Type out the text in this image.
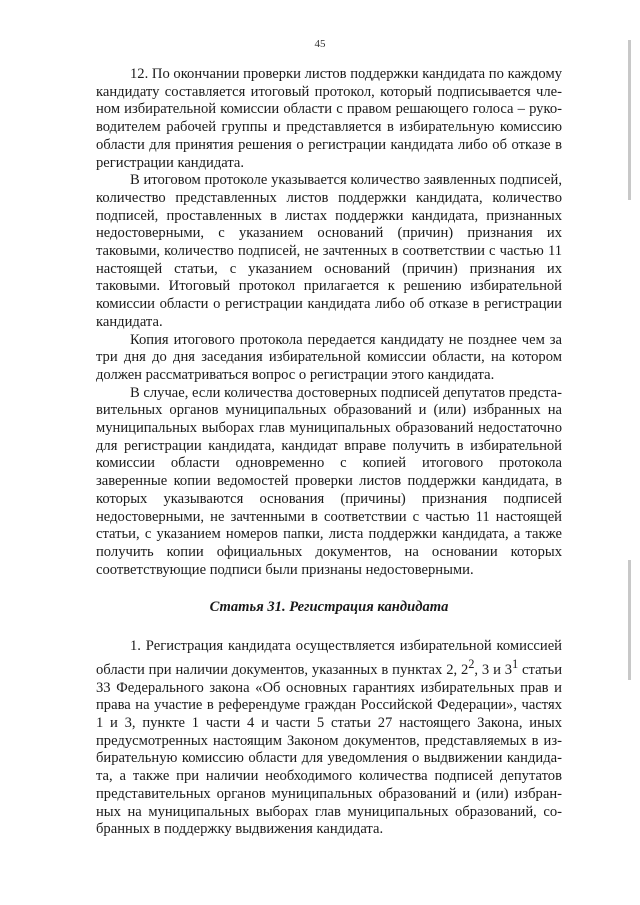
45

12. По окончании проверки листов поддержки кандидата по каждому кандидату составляется итоговый протокол, который подписывается членом избирательной комиссии области с правом решающего голоса – руководителем рабочей группы и представляется в избирательную комиссию области для принятия решения о регистрации кандидата либо об отказе в регистрации кандидата.

В итоговом протоколе указывается количество заявленных подписей, количество представленных листов поддержки кандидата, количество подписей, проставленных в листах поддержки кандидата, признанных недостоверными, с указанием оснований (причин) признания их таковыми, количество подписей, не зачтенных в соответствии с частью 11 настоящей статьи, с указанием оснований (причин) признания их таковыми. Итоговый протокол прилагается к решению избирательной комиссии области о регистрации кандидата либо об отказе в регистрации кандидата.

Копия итогового протокола передается кандидату не позднее чем за три дня до дня заседания избирательной комиссии области, на котором должен рассматриваться вопрос о регистрации этого кандидата.

В случае, если количества достоверных подписей депутатов представительных органов муниципальных образований и (или) избранных на муниципальных выборах глав муниципальных образований недостаточно для регистрации кандидата, кандидат вправе получить в избирательной комиссии области одновременно с копией итогового протокола заверенные копии ведомостей проверки листов поддержки кандидата, в которых указываются основания (причины) признания подписей недостоверными, не зачтенными в соответствии с частью 11 настоящей статьи, с указанием номеров папки, листа поддержки кандидата, а также получить копии официальных документов, на основании которых соответствующие подписи были признаны недостоверными.

Статья 31. Регистрация кандидата

1. Регистрация кандидата осуществляется избирательной комиссией области при наличии документов, указанных в пунктах 2, $2^2$, 3 и $3^1$ статьи 33 Федерального закона «Об основных гарантиях избирательных прав и права на участие в референдуме граждан Российской Федерации», частях 1 и 3, пункте 1 части 4 и части 5 статьи 27 настоящего Закона, иных предусмотренных настоящим Законом документов, представляемых в избирательную комиссию области для уведомления о выдвижении кандидата, а также при наличии необходимого количества подписей депутатов представительных органов муниципальных образований и (или) избранных на муниципальных выборах глав муниципальных образований, собранных в поддержку выдвижения кандидата.
